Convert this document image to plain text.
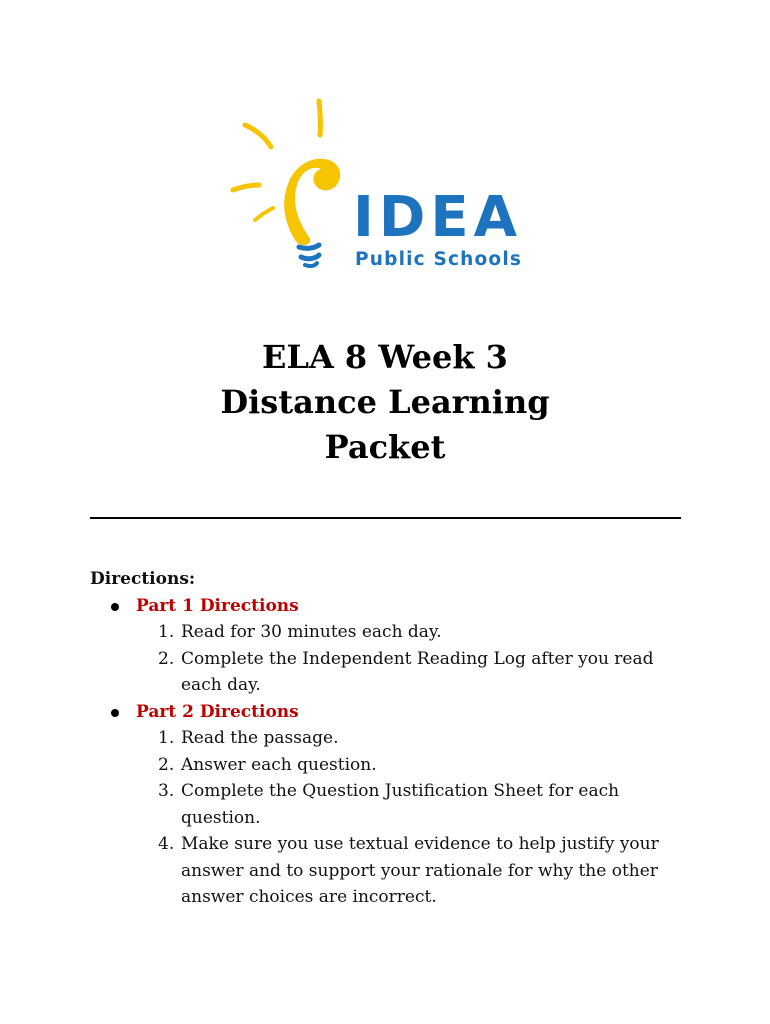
IDEA
Public Schools
ELA 8 Week 3
Distance Learning
Packet
Directions:
Part 1 Directions
1. Read for 30 minutes each day.
2. Complete the Independent Reading Log after you read each day.
Part 2 Directions
1. Read the passage.
2. Answer each question.
3. Complete the Question Justification Sheet for each question.
4. Make sure you use textual evidence to help justify your answer and to support your rationale for why the other answer choices are incorrect.
